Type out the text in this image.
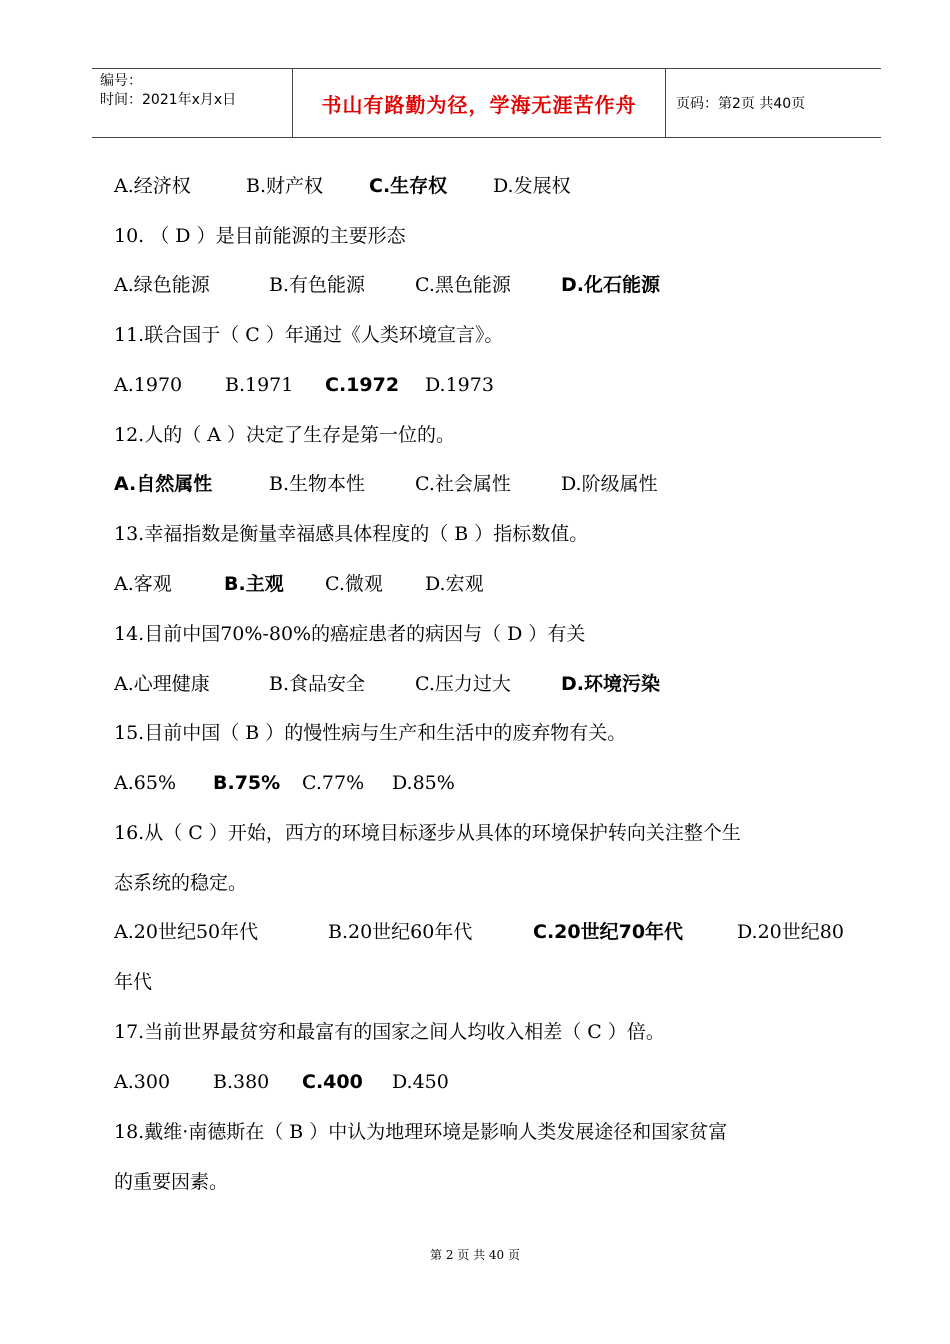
编号：
时间：2021年x月x日	书山有路勤为径，学海无涯苦作舟	页码：第2页 共40页
A.经济权	B.财产权 C.生存权 D.发展权
10. （ D ）是目前能源的主要形态
A.绿色能源	B.有色能源	C.黑色能源	D.化石能源
11.联合国于（ C ）年通过《人类环境宣言》。
A.1970 B.1971 C.1972 D.1973
12.人的（ A ）决定了生存是第一位的。
A.自然属性	B.生物本性	C.社会属性	D.阶级属性
13.幸福指数是衡量幸福感具体程度的（ B ）指标数值。
A.客观	B.主观 C.微观 D.宏观
14.目前中国70%-80%的癌症患者的病因与（ D ）有关
A.心理健康	B.食品安全	C.压力过大	D.环境污染
15.目前中国（ B ）的慢性病与生产和生活中的废弃物有关。
A.65% B.75% C.77% D.85%
16.从（ C ）开始，西方的环境目标逐步从具体的环境保护转向关注整个生
态系统的稳定。
A.20世纪50年代	B.20世纪60年代	C.20世纪70年代	D.20世纪80
年代
17.当前世界最贫穷和最富有的国家之间人均收入相差（ C ）倍。
A.300 B.380 C.400 D.450
18.戴维·南德斯在（ B ）中认为地理环境是影响人类发展途径和国家贫富
的重要因素。
第 2 页 共 40 页
